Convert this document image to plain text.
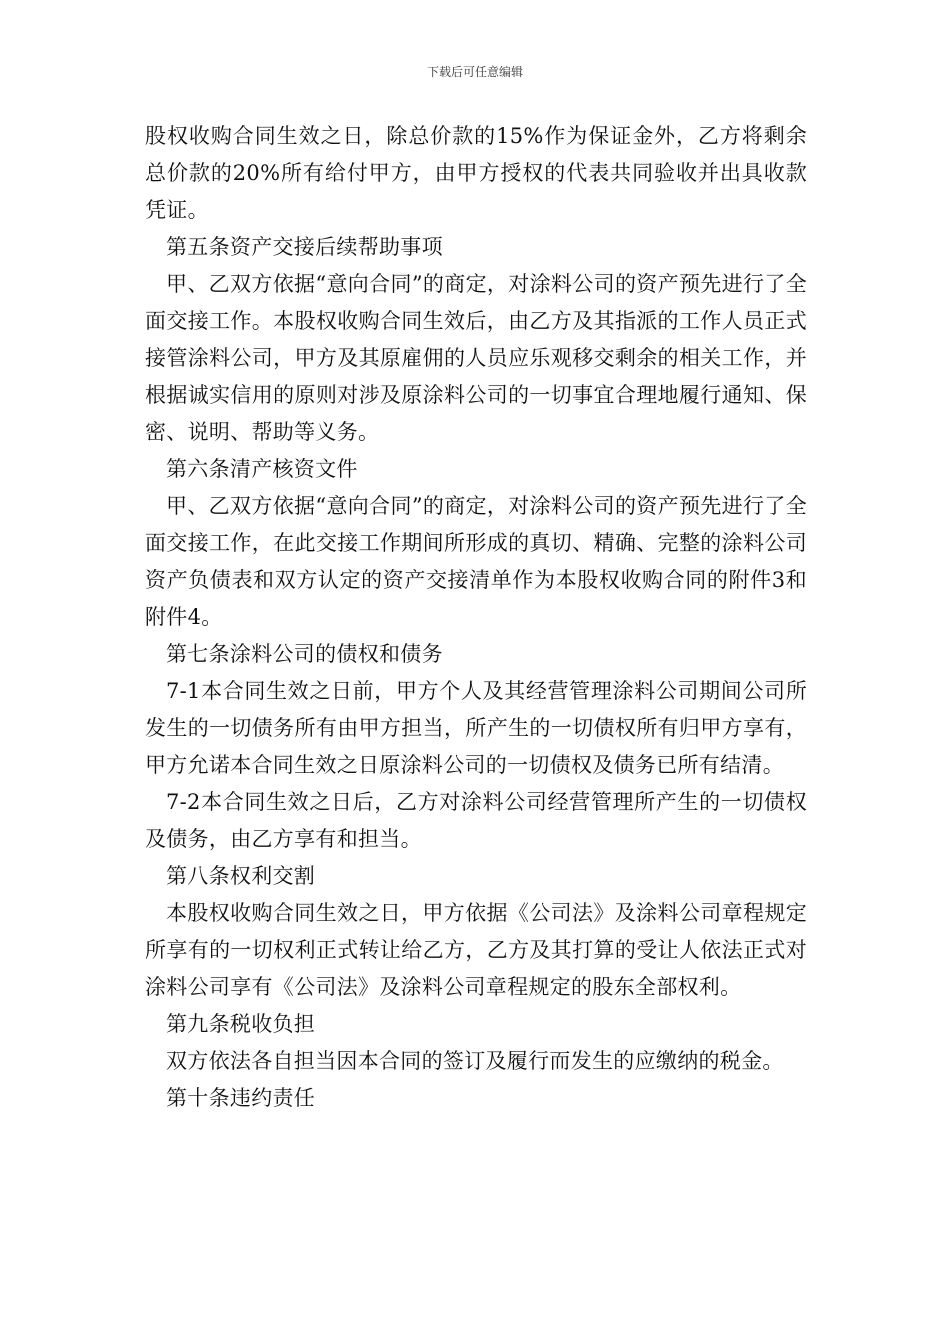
下载后可任意编辑

股权收购合同生效之日，除总价款的15%作为保证金外，乙方将剩余总价款的20%所有给付甲方，由甲方授权的代表共同验收并出具收款凭证。

第五条资产交接后续帮助事项

甲、乙双方依据“意向合同”的商定，对涂料公司的资产预先进行了全面交接工作。本股权收购合同生效后，由乙方及其指派的工作人员正式接管涂料公司，甲方及其原雇佣的人员应乐观移交剩余的相关工作，并根据诚实信用的原则对涉及原涂料公司的一切事宜合理地履行通知、保密、说明、帮助等义务。

第六条清产核资文件

甲、乙双方依据“意向合同”的商定，对涂料公司的资产预先进行了全面交接工作，在此交接工作期间所形成的真切、精确、完整的涂料公司资产负债表和双方认定的资产交接清单作为本股权收购合同的附件3和附件4。

第七条涂料公司的债权和债务

7-1本合同生效之日前，甲方个人及其经营管理涂料公司期间公司所发生的一切债务所有由甲方担当，所产生的一切债权所有归甲方享有，甲方允诺本合同生效之日原涂料公司的一切债权及债务已所有结清。

7-2本合同生效之日后，乙方对涂料公司经营管理所产生的一切债权及债务，由乙方享有和担当。

第八条权利交割

本股权收购合同生效之日，甲方依据《公司法》及涂料公司章程规定所享有的一切权利正式转让给乙方，乙方及其打算的受让人依法正式对涂料公司享有《公司法》及涂料公司章程规定的股东全部权利。

第九条税收负担

双方依法各自担当因本合同的签订及履行而发生的应缴纳的税金。

第十条违约责任
